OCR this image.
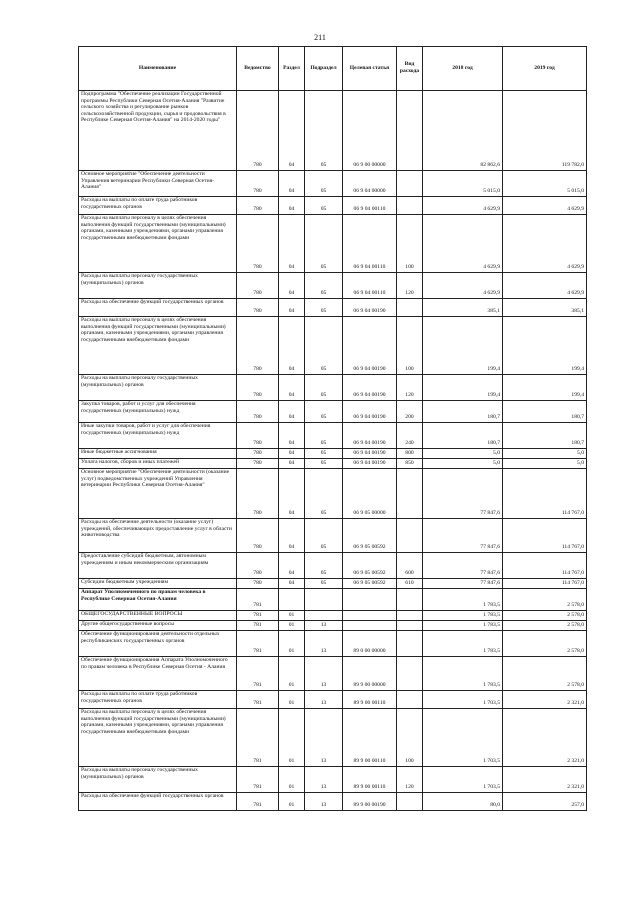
211
Наименование	Ведомство	Раздел	Подраздел	Целевая статья	Вид расхода	2018 год	2019 год
Подпрограмма "Обеспечение реализации Государственной программы Республики Северная Осетия-Алания "Развитие сельского хозяйства и регулирование рынков сельскохозяйственной продукции, сырья и продовольствия в Республике Северная Осетия-Алания" на 2014-2020 годы"	780	04	05	06 9 00 00000		82 862,6	119 782,0
Основное мероприятие "Обеспечение деятельности Управления ветеринарии Республики Северная Осетия-Алания"	780	04	05	06 9 04 00000		5 015,0	5 015,0
Расходы на выплаты по оплате труда работников государственных органов	780	04	05	06 9 04 00110		4 629,9	4 629,9
Расходы на выплаты персоналу в целях обеспечения выполнения функций государственными (муниципальными) органами, казенными учреждениями, органами управления государственными внебюджетными фондами	780	04	05	06 9 04 00110	100	4 629,9	4 629,9
Расходы на выплаты персоналу государственных (муниципальных) органов	780	04	05	06 9 04 00110	120	4 629,9	4 629,9
Расходы на обеспечение функций государственных органов	780	04	05	06 9 04 00190		385,1	385,1
Расходы на выплаты персоналу в целях обеспечения выполнения функций государственными (муниципальными) органами, казенными учреждениями, органами управления государственными внебюджетными фондами	780	04	05	06 9 04 00190	100	199,4	199,4
Расходы на выплаты персоналу государственных (муниципальных) органов	780	04	05	06 9 04 00190	120	199,4	199,4
Закупка товаров, работ и услуг для обеспечения государственных (муниципальных) нужд	780	04	05	06 9 04 00190	200	180,7	180,7
Иные закупки товаров, работ и услуг для обеспечения государственных (муниципальных) нужд	780	04	05	06 9 04 00190	240	180,7	180,7
Иные бюджетные ассигнования	780	04	05	06 9 04 00190	800	5,0	5,0
Уплата налогов, сборов и иных платежей	780	04	05	06 9 04 00190	850	5,0	5,0
Основное мероприятие "Обеспечение деятельности (оказание услуг) подведомственных учреждений Управления ветеринарии Республики Северная Осетия-Алания"	780	04	05	06 9 05 00000		77 847,6	114 767,0
Расходы на обеспечение деятельности (оказание услуг) учреждений, обеспечивающих предоставление услуг в области животноводства	780	04	05	06 9 05 00592		77 847,6	114 767,0
Предоставление субсидий бюджетным, автономным учреждениям и иным некоммерческим организациям	780	04	05	06 9 05 00592	600	77 847,6	114 767,0
Субсидии бюджетным учреждениям	780	04	05	06 9 05 00592	610	77 847,6	114 767,0
Аппарат Уполномоченного по правам человека в Республике Северная Осетия-Алания	781					1 783,5	2 578,0
ОБЩЕГОСУДАРСТВЕННЫЕ ВОПРОСЫ	781	01				1 783,5	2 578,0
Другие общегосударственные вопросы	781	01	13			1 783,5	2 578,0
Обеспечение функционирования деятельности отдельных республиканских государственных органов	781	01	13	89 0 00 00000		1 783,5	2 578,0
Обеспечение функционирования Аппарата Уполномоченного по правам человека в Республике Северная Осетия - Алания	781	01	13	89 9 00 00000		1 783,5	2 578,0
Расходы на выплаты по оплате труда работников государственных органов	781	01	13	89 9 00 00110		1 703,5	2 321,0
Расходы на выплаты персоналу в целях обеспечения выполнения функций государственными (муниципальными) органами, казенными учреждениями, органами управления государственными внебюджетными фондами	781	01	13	89 9 00 00110	100	1 703,5	2 321,0
Расходы на выплаты персоналу государственных (муниципальных) органов	781	01	13	89 9 00 00110	120	1 703,5	2 321,0
Расходы на обеспечение функций государственных органов	781	01	13	89 9 00 00190		80,0	257,0
